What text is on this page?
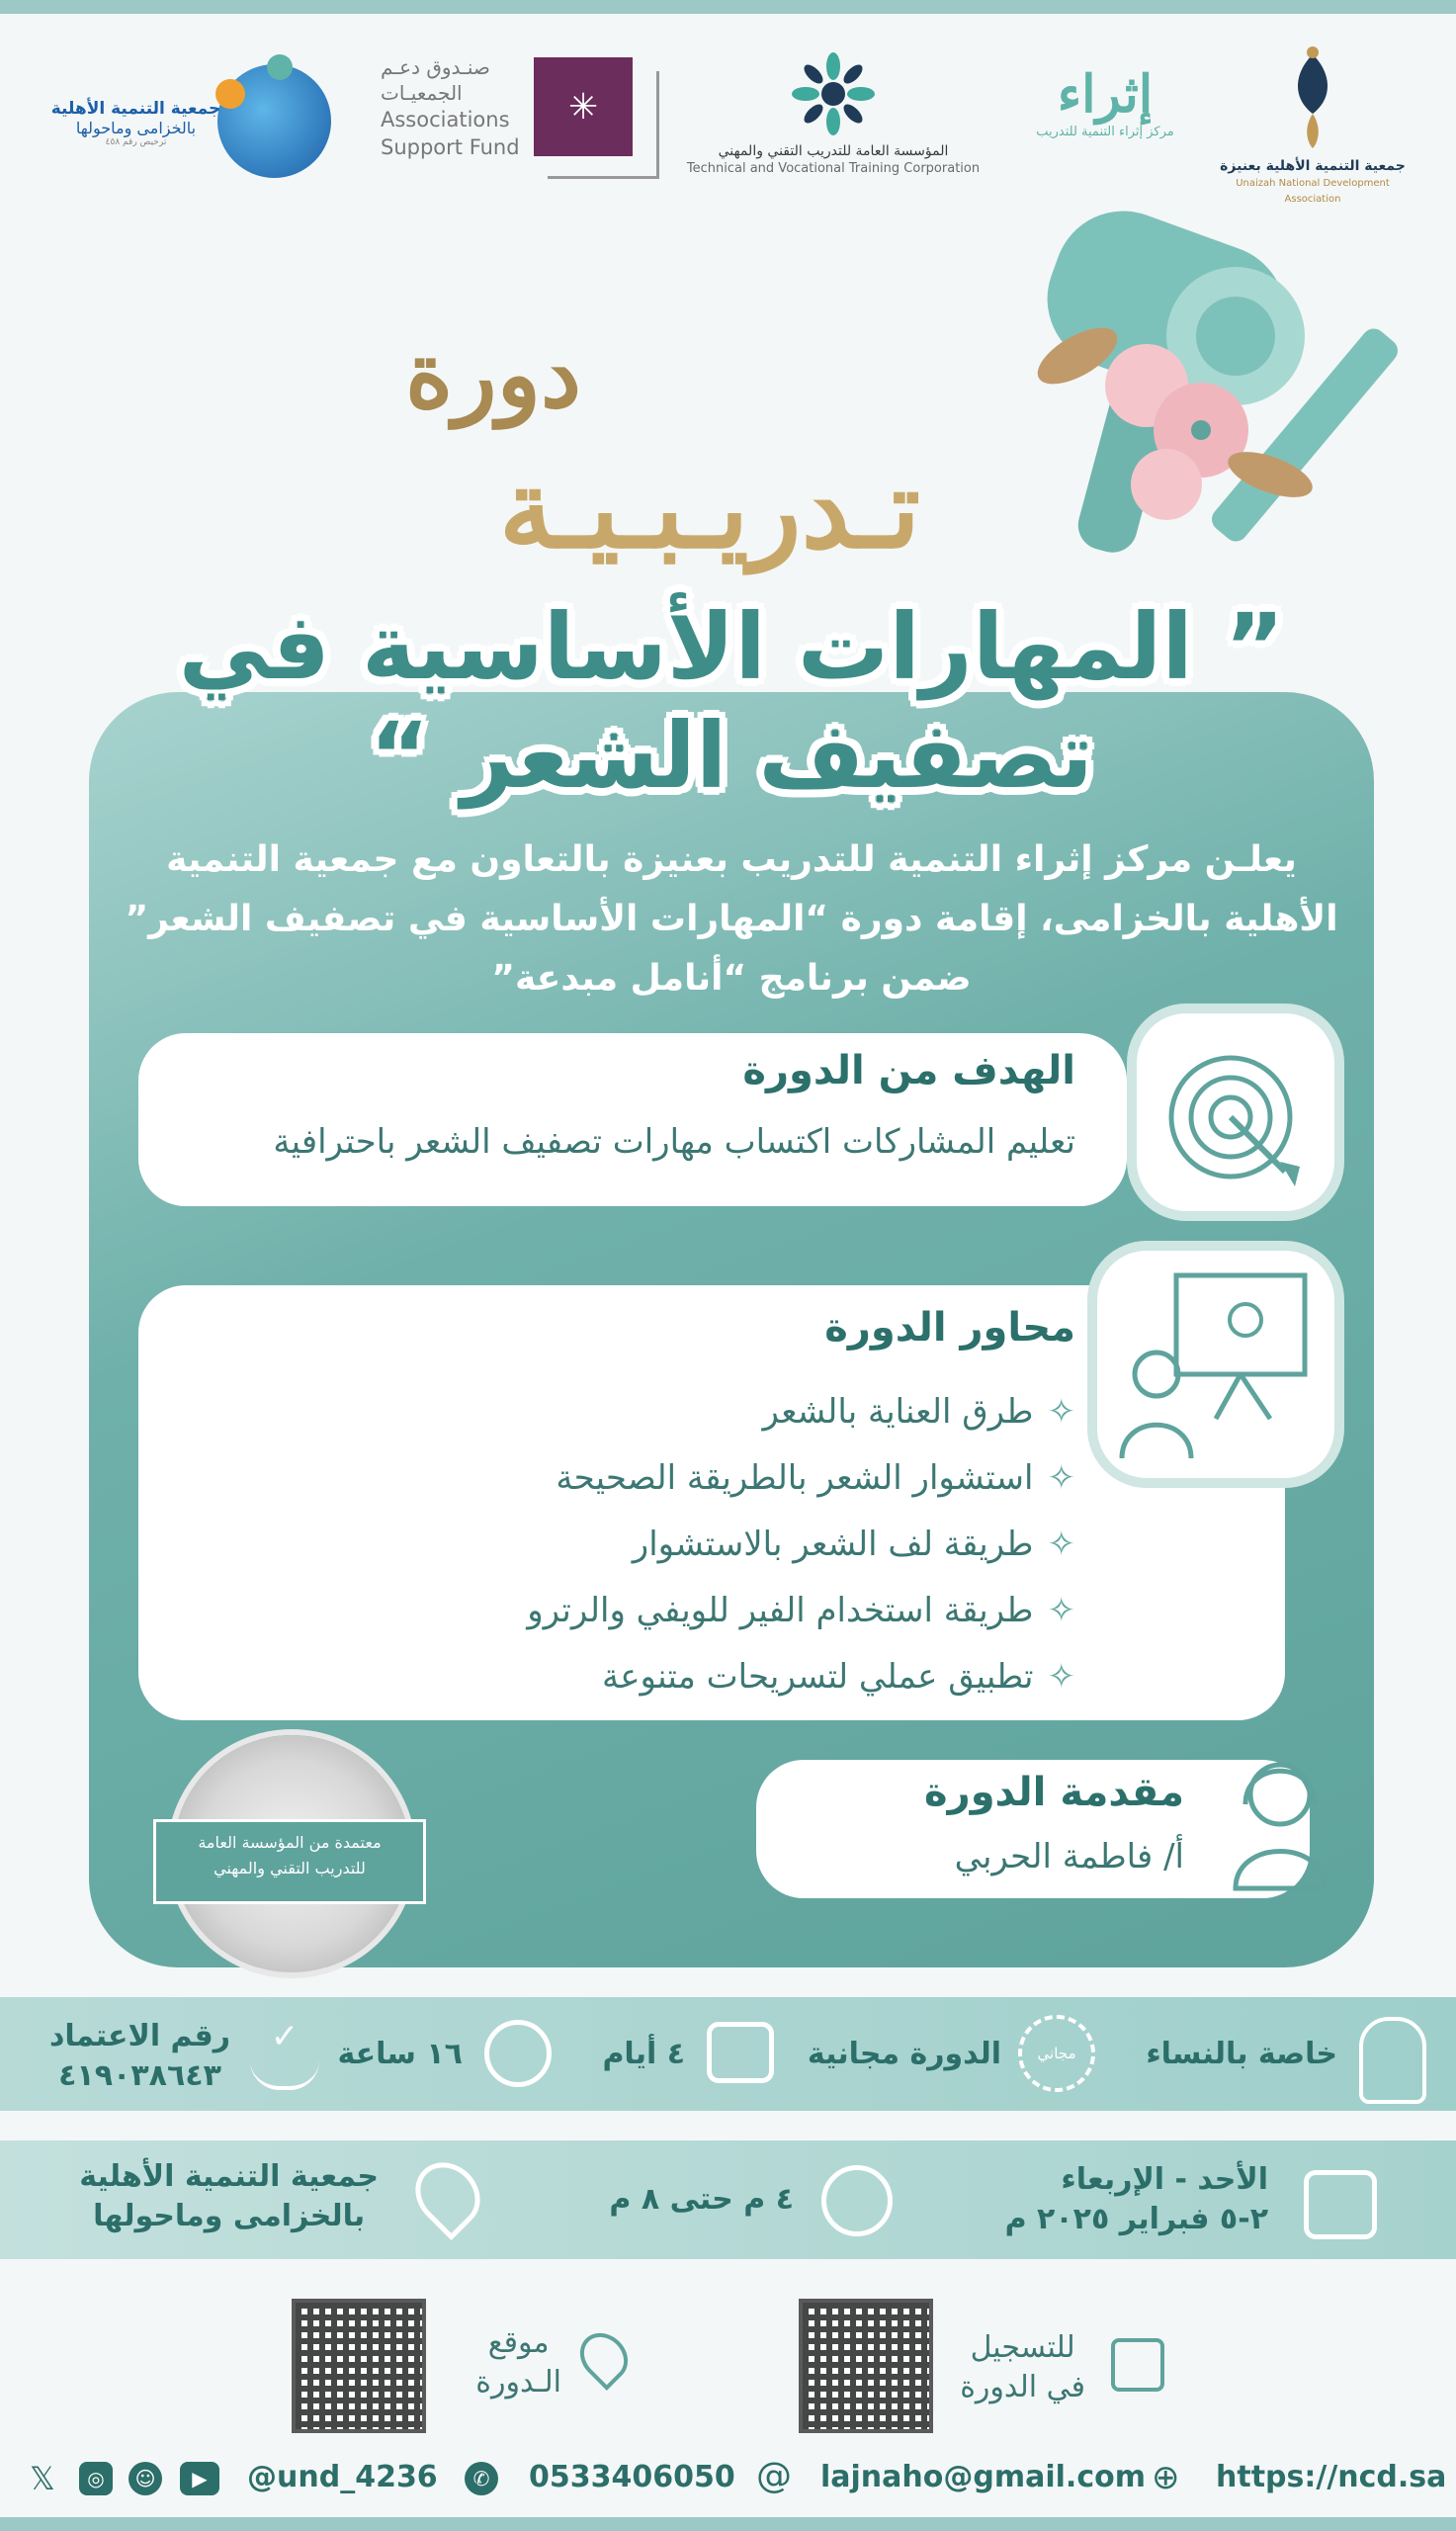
جمعية التنمية الأهلية بعنيزة
Unaizah National Development Association
إثراء
مركز إثراء التنمية للتدريب
المؤسسة العامة للتدريب التقني والمهني
Technical and Vocational Training Corporation
✳
صنـدوق دعـم الجمعيـات
Associations
Support Fund
جمعية التنمية الأهلية
بالخزامى وماحولها
ترخيص رقم ٤٥٨
دورة
تـدريـبـيـة
” المهارات الأساسية في تصفيف الشعر “
يعلـن مركز إثراء التنمية للتدريب بعنيزة بالتعاون مع جمعية التنمية
الأهلية بالخزامى، إقامة دورة “المهارات الأساسية في تصفيف الشعر”
ضمن برنامج “أنامل مبدعة”
الهدف من الدورة
تعليم المشاركات اكتساب مهارات تصفيف الشعر باحترافية
محاور الدورة
✧طرق العناية بالشعر
✧استشوار الشعر بالطريقة الصحيحة
✧طريقة لف الشعر بالاستشوار
✧طريقة استخدام الفير للويفي والرترو
✧تطبيق عملي لتسريحات متنوعة
مقدمة الدورة
أ/ فاطمة الحربي
معتمدة من المؤسسة العامة
للتدريب التقني والمهني
خاصة بالنساء
مجاني
الدورة مجانية
٤ أيام
١٦ ساعة
✓
رقم الاعتماد
٤١٩٠٣٨٦٤٣
الأحد - الإربعاء
٢-٥ فبراير ٢٠٢٥ م
٤ م حتى ٨ م
جمعية التنمية الأهلية
بالخزامى وماحولها
للتسجيل
في الدورة
موقع
الـدورة
𝕏	◎	☺	▶	@und_4236	✆ 0533406050 @ lajnaho@gmail.com ⊕ https://ncd.sa
